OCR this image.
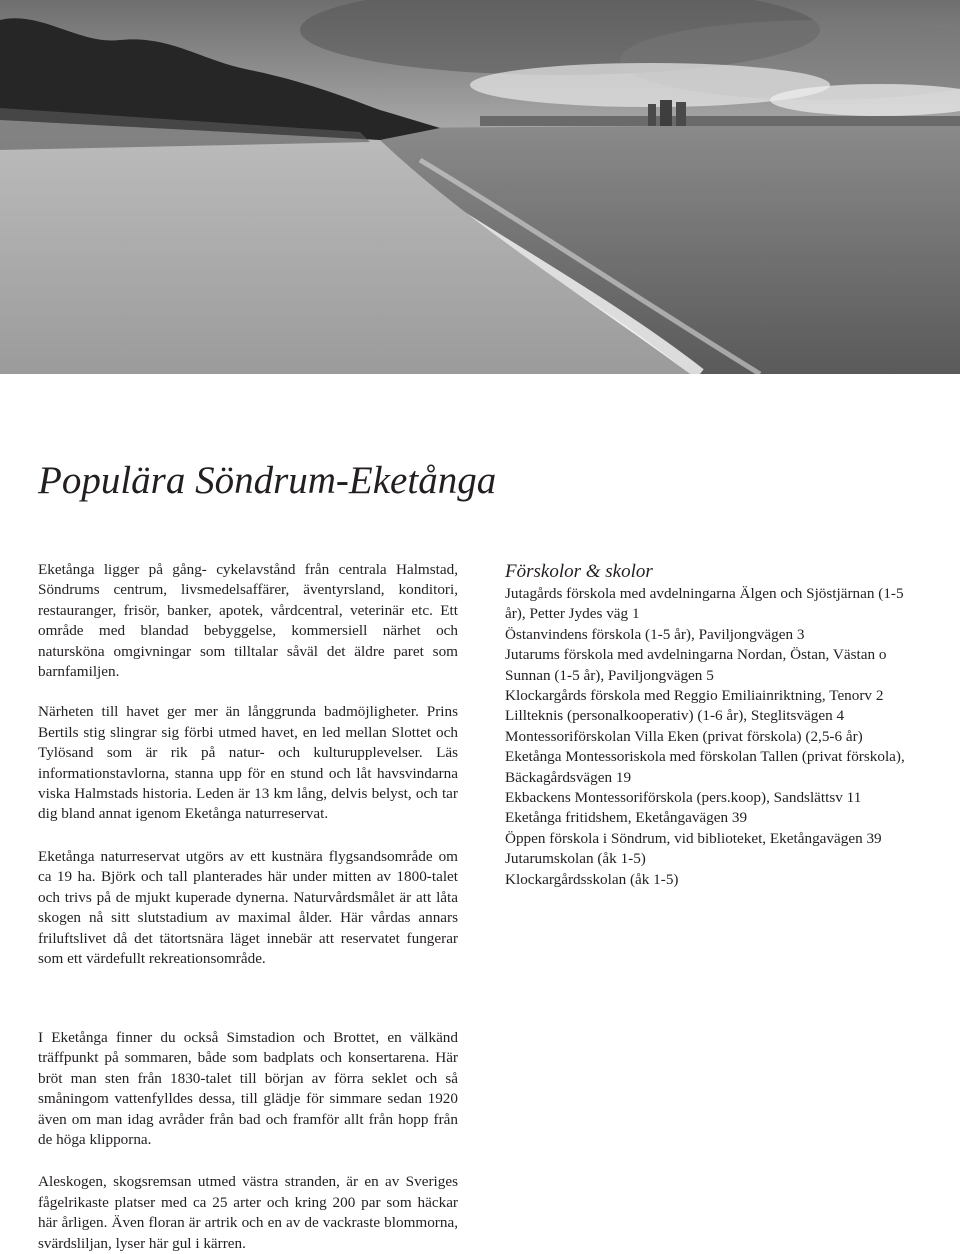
Populära Söndrum-Eketånga

Eketånga ligger på gång- cykelavstånd från centrala Halmstad, Söndrums centrum, livsmedelsaffärer, äventyrsland, konditori, restauranger, frisör, banker, apotek, vårdcentral, veterinär etc. Ett område med blandad bebyggelse, kommersiell närhet och natursköna omgivningar som tilltalar såväl det äldre paret som barnfamiljen.

Närheten till havet ger mer än långgrunda badmöjligheter. Prins Bertils stig slingrar sig förbi utmed havet, en led mellan Slottet och Tylösand som är rik på natur- och kulturupplevelser. Läs informationstavlorna, stanna upp för en stund och låt havsvindarna viska Halmstads historia. Leden är 13 km lång, delvis belyst, och tar dig bland annat igenom Eketånga naturreservat.

Eketånga naturreservat utgörs av ett kustnära flygsandsområde om ca 19 ha. Björk och tall planterades här under mitten av 1800-talet och trivs på de mjukt kuperade dynerna. Naturvårdsmålet är att låta skogen nå sitt slutstadium av maximal ålder. Här vårdas annars friluftslivet då det tätortsnära läget innebär att reservatet fungerar som ett värdefullt rekreationsområde.

I Eketånga finner du också Simstadion och Brottet, en välkänd träffpunkt på sommaren, både som badplats och konsertarena. Här bröt man sten från 1830-talet till början av förra seklet och så småningom vattenfylldes dessa, till glädje för simmare sedan 1920 även om man idag avråder från bad och framför allt från hopp från de höga klipporna.

Aleskogen, skogsremsan utmed västra stranden, är en av Sveriges fågelrikaste platser med ca 25 arter och kring 200 par som häckar här årligen. Även floran är artrik och en av de vackraste blommorna, svärdsliljan, lyser här gul i kärren.

Förskolor & skolor
Jutagårds förskola med avdelningarna Älgen och Sjöstjärnan (1-5 år), Petter Jydes väg 1
Östanvindens förskola (1-5 år), Paviljongvägen 3
Jutarums förskola med avdelningarna Nordan, Östan, Västan o Sunnan (1-5 år), Paviljongvägen 5
Klockargårds förskola med Reggio Emiliainriktning, Tenorv 2
Lillteknis (personalkooperativ) (1-6 år), Steglitsvägen 4
Montessoriförskolan Villa Eken (privat förskola) (2,5-6 år)
Eketånga Montessoriskola med förskolan Tallen (privat förskola), Bäckagårdsvägen 19
Ekbackens Montessoriförskola (pers.koop), Sandslättsv 11
Eketånga fritidshem, Eketångavägen 39
Öppen förskola i Söndrum, vid biblioteket, Eketångavägen 39
Jutarumskolan (åk 1-5)
Klockargårdsskolan (åk 1-5)
